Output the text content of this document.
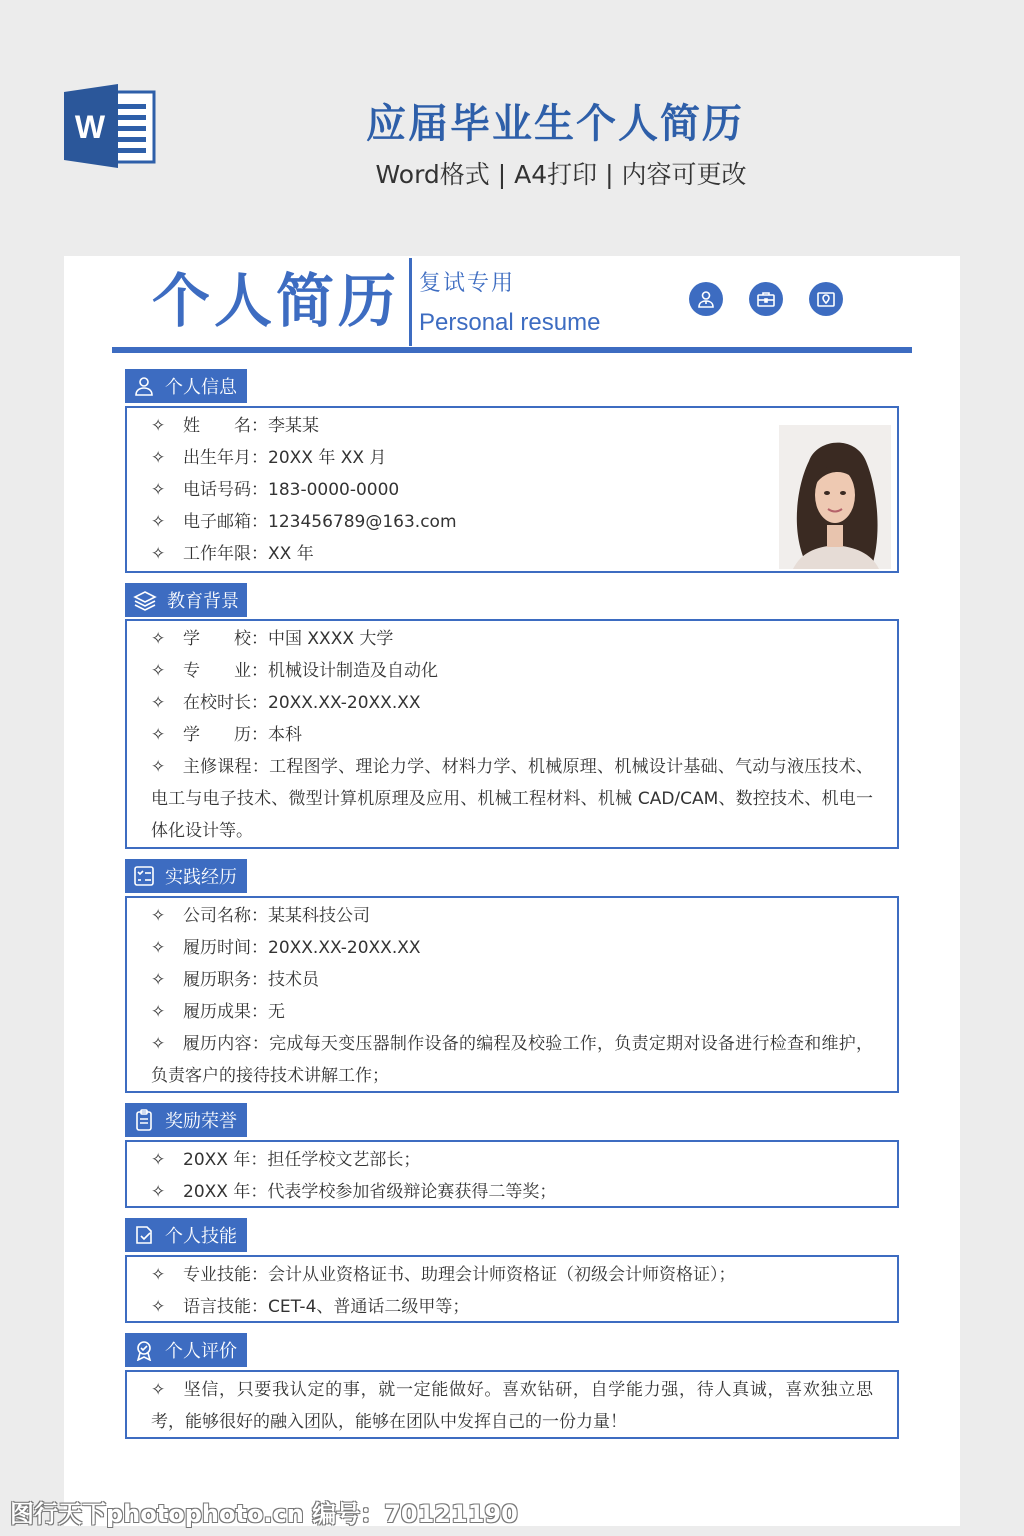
W	应届毕业生个人简历
Word格式 | A4打印 | 内容可更改
个人简历 复试专用
Personal resume
个人信息
✧ 姓　　名：李某某
✧ 出生年月：20XX 年 XX 月
✧ 电话号码：183-0000-0000
✧ 电子邮箱：123456789@163.com
✧ 工作年限：XX 年
教育背景
✧ 学　　校：中国 XXXX 大学
✧ 专　　业：机械设计制造及自动化
✧ 在校时长：20XX.XX-20XX.XX
✧ 学　　历：本科
✧　主修课程：工程图学、理论力学、材料力学、机械原理、机械设计基础、气动与液压技术、电工与电子技术、微型计算机原理及应用、机械工程材料、机械 CAD/CAM、数控技术、机电一体化设计等。
实践经历
✧ 公司名称：某某科技公司
✧ 履历时间：20XX.XX-20XX.XX
✧ 履历职务：技术员
✧ 履历成果：无
✧　履历内容：完成每天变压器制作设备的编程及校验工作，负责定期对设备进行检查和维护，负责客户的接待技术讲解工作；
奖励荣誉
✧ 20XX 年：担任学校文艺部长；
✧ 20XX 年：代表学校参加省级辩论赛获得二等奖；
个人技能
✧ 专业技能：会计从业资格证书、助理会计师资格证（初级会计师资格证）；
✧ 语言技能：CET-4、普通话二级甲等；
个人评价
✧　坚信，只要我认定的事，就一定能做好。喜欢钻研，自学能力强，待人真诚，喜欢独立思考，能够很好的融入团队，能够在团队中发挥自己的一份力量！
图行天下photophoto.cn 编号：70121190
